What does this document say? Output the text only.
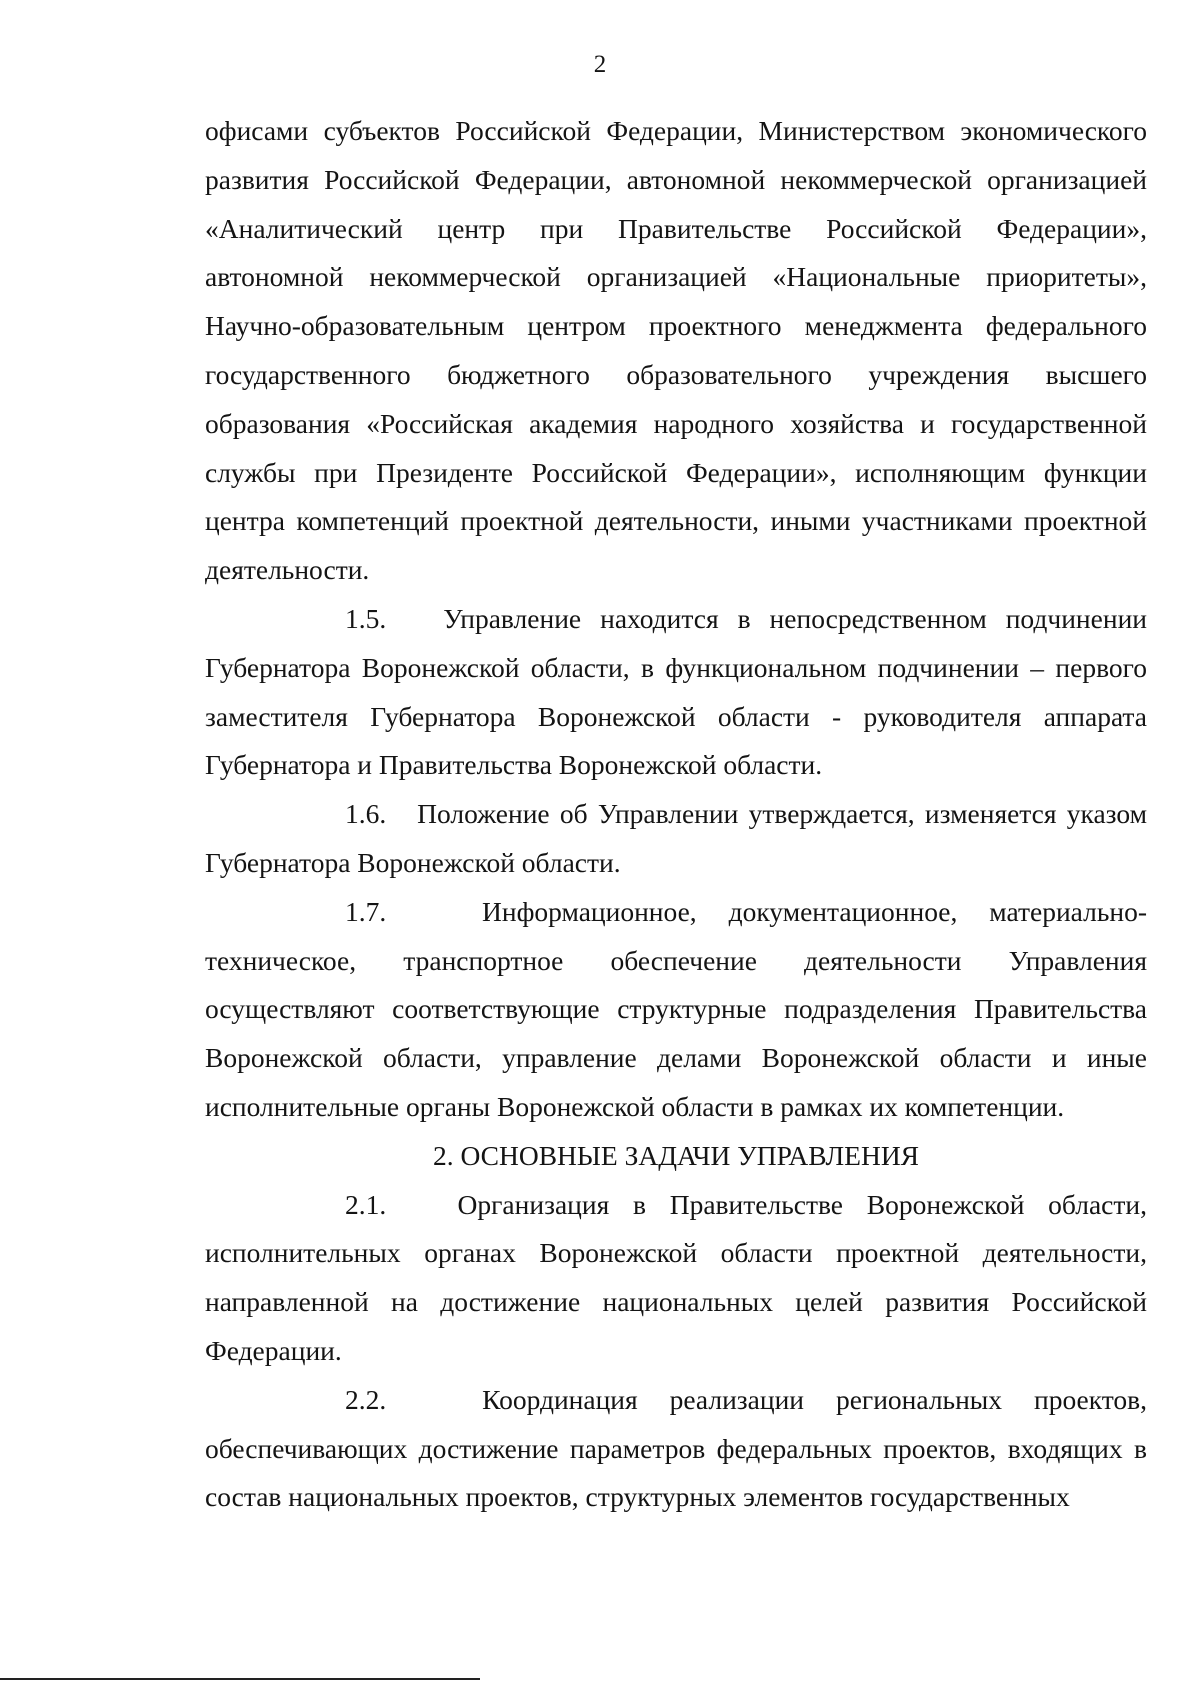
2

офисами субъектов Российской Федерации, Министерством экономического развития Российской Федерации, автономной некоммерческой организацией «Аналитический центр при Правительстве Российской Федерации», автономной некоммерческой организацией «Национальные приоритеты», Научно-образовательным центром проектного менеджмента федерального государственного бюджетного образовательного учреждения высшего образования «Российская академия народного хозяйства и государственной службы при Президенте Российской Федерации», исполняющим функции центра компетенций проектной деятельности, иными участниками проектной деятельности.

1.5. Управление находится в непосредственном подчинении Губернатора Воронежской области, в функциональном подчинении – первого заместителя Губернатора Воронежской области - руководителя аппарата Губернатора и Правительства Воронежской области.

1.6. Положение об Управлении утверждается, изменяется указом Губернатора Воронежской области.

1.7.	Информационное, документационное, материально-техническое, транспортное обеспечение деятельности Управления осуществляют соответствующие структурные подразделения Правительства Воронежской области, управление делами Воронежской области и иные исполнительные органы Воронежской области в рамках их компетенции.

2. ОСНОВНЫЕ ЗАДАЧИ УПРАВЛЕНИЯ

2.1.	Организация в Правительстве Воронежской области, исполнительных органах Воронежской области проектной деятельности, направленной на достижение национальных целей развития Российской Федерации.

2.2.	Координация реализации региональных проектов, обеспечивающих достижение параметров федеральных проектов, входящих в состав национальных проектов, структурных элементов государственных
